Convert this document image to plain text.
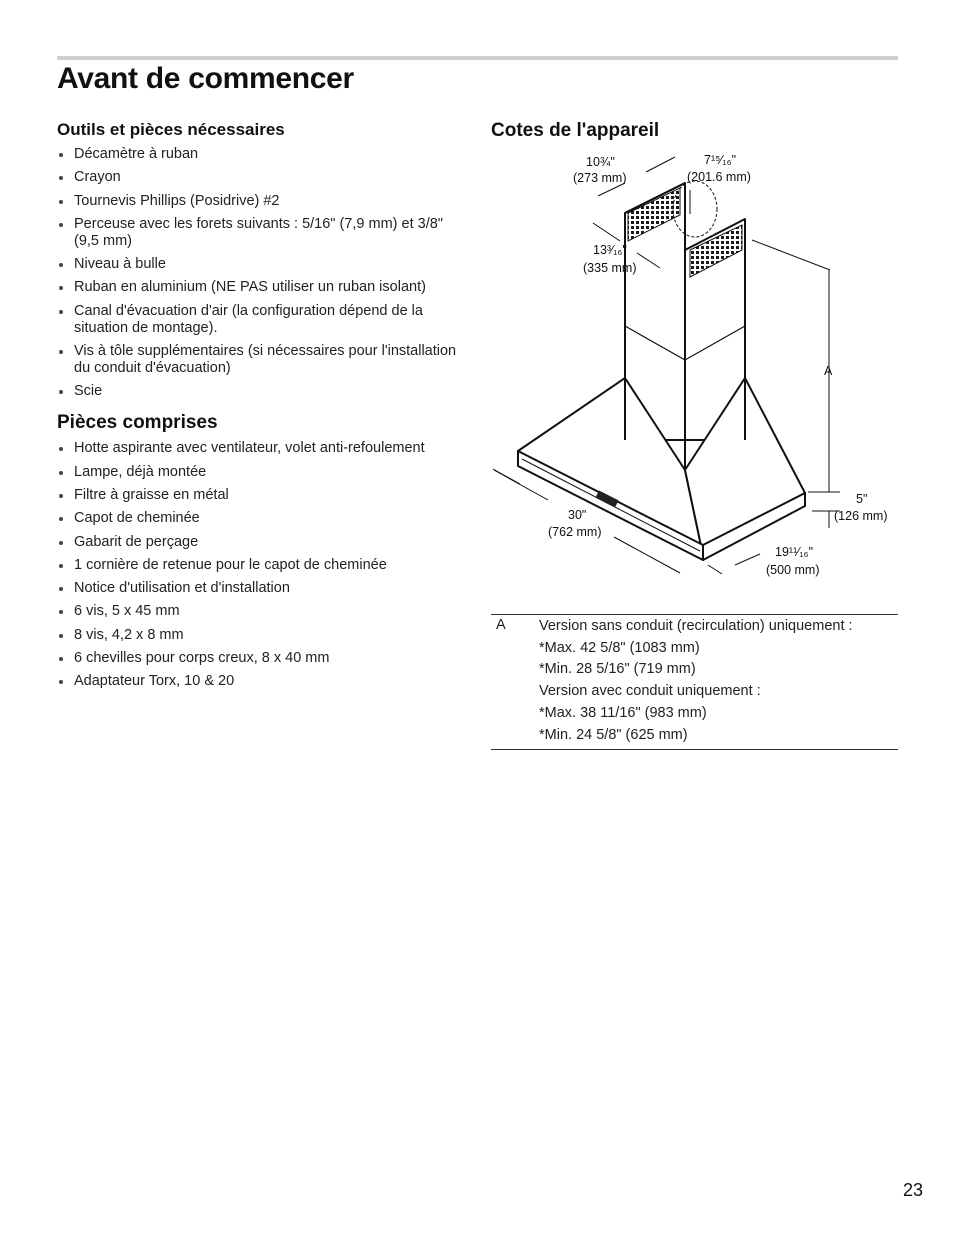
Avant de commencer
Outils et pièces nécessaires
Décamètre à ruban
Crayon
Tournevis Phillips (Posidrive) #2
Perceuse avec les forets suivants : 5/16" (7,9 mm) et 3/8" (9,5 mm)
Niveau à bulle
Ruban en aluminium (NE PAS utiliser un ruban isolant)
Canal d'évacuation d'air (la configuration dépend de la situation de montage).
Vis à tôle supplémentaires (si nécessaires pour l'installation du conduit d'évacuation)
Scie
Pièces comprises
Hotte aspirante avec ventilateur, volet anti-refoulement
Lampe, déjà montée
Filtre à graisse en métal
Capot de cheminée
Gabarit de perçage
1 cornière de retenue pour le capot de cheminée
Notice d'utilisation et d'installation
6 vis, 5 x 45 mm
8 vis, 4,2 x 8 mm
6 chevilles pour corps creux, 8 x 40 mm
Adaptateur Torx, 10 & 20
Cotes de l'appareil
10¾"
(273 mm)
7¹⁵⁄₁₆"
(201.6 mm)
13³⁄₁₆"
(335 mm)
A
5"
(126 mm)
30"
(762 mm)
19¹¹⁄₁₆"
(500 mm)
A Version sans conduit (recirculation) uniquement :
*Max. 42 5/8" (1083 mm)
*Min. 28 5/16" (719 mm)
Version avec conduit uniquement :
*Max. 38 11/16" (983 mm)
*Min. 24 5/8" (625 mm)
23
